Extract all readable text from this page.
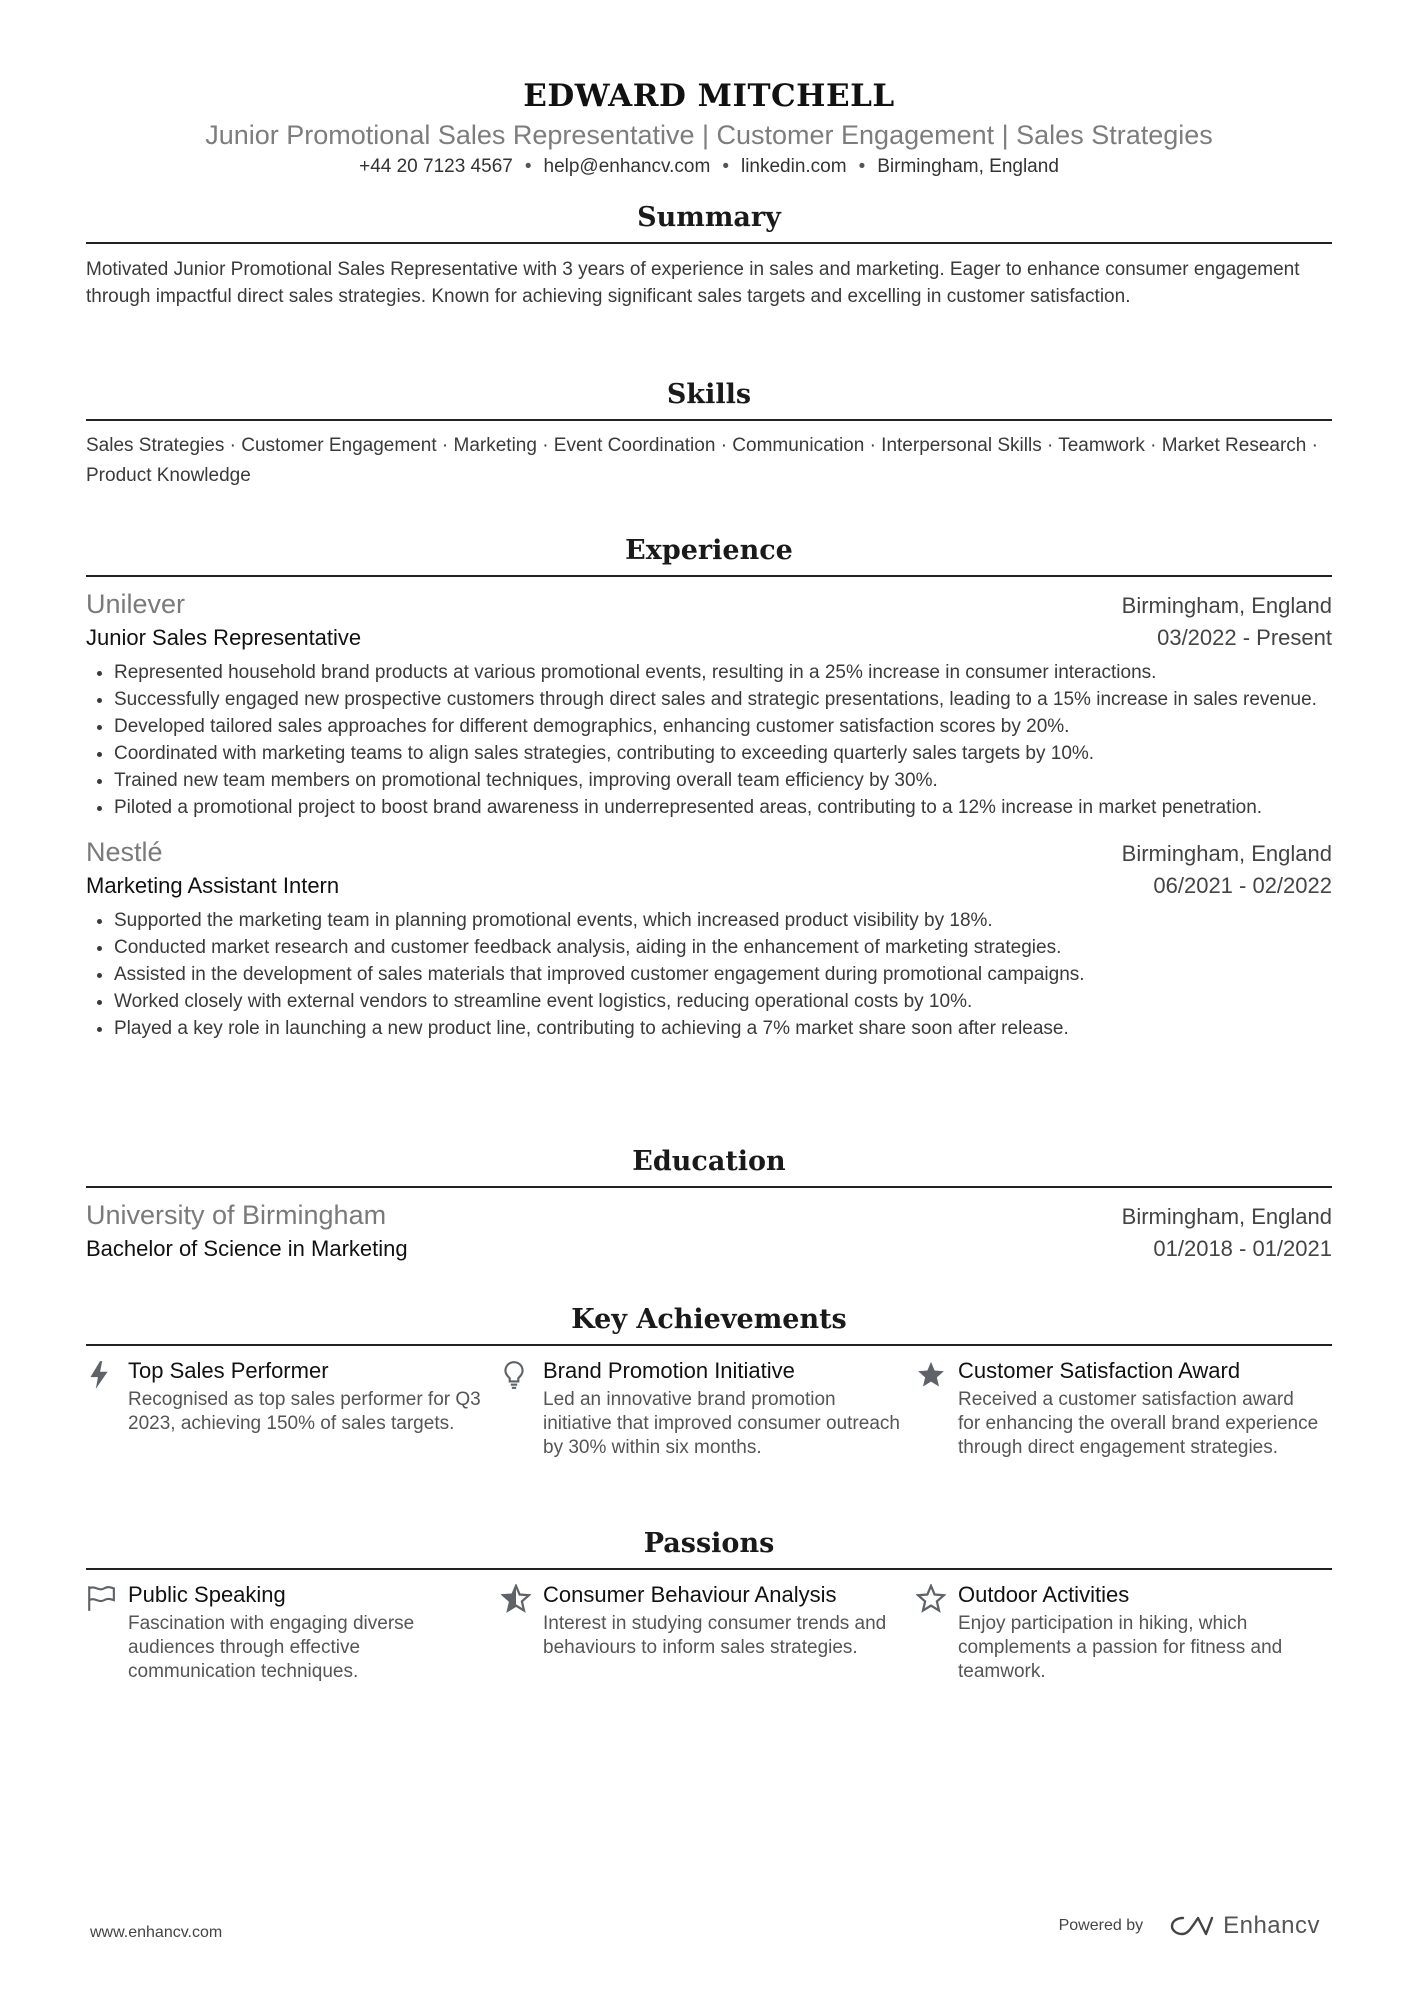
EDWARD MITCHELL
Junior Promotional Sales Representative | Customer Engagement | Sales Strategies
+44 20 7123 4567 • help@enhancv.com • linkedin.com • Birmingham, England
Summary
Motivated Junior Promotional Sales Representative with 3 years of experience in sales and marketing. Eager to enhance consumer engagement through impactful direct sales strategies. Known for achieving significant sales targets and excelling in customer satisfaction.
Skills
Sales Strategies · Customer Engagement · Marketing · Event Coordination · Communication · Interpersonal Skills · Teamwork · Market Research · Product Knowledge
Experience
Unilever	Birmingham, England
Junior Sales Representative	03/2022 - Present
• Represented household brand products at various promotional events, resulting in a 25% increase in consumer interactions.
• Successfully engaged new prospective customers through direct sales and strategic presentations, leading to a 15% increase in sales revenue.
• Developed tailored sales approaches for different demographics, enhancing customer satisfaction scores by 20%.
• Coordinated with marketing teams to align sales strategies, contributing to exceeding quarterly sales targets by 10%.
• Trained new team members on promotional techniques, improving overall team efficiency by 30%.
• Piloted a promotional project to boost brand awareness in underrepresented areas, contributing to a 12% increase in market penetration.
Nestlé	Birmingham, England
Marketing Assistant Intern	06/2021 - 02/2022
• Supported the marketing team in planning promotional events, which increased product visibility by 18%.
• Conducted market research and customer feedback analysis, aiding in the enhancement of marketing strategies.
• Assisted in the development of sales materials that improved customer engagement during promotional campaigns.
• Worked closely with external vendors to streamline event logistics, reducing operational costs by 10%.
• Played a key role in launching a new product line, contributing to achieving a 7% market share soon after release.
Education
University of Birmingham	Birmingham, England
Bachelor of Science in Marketing	01/2018 - 01/2021
Key Achievements
Top Sales Performer
Recognised as top sales performer for Q3 2023, achieving 150% of sales targets.
Brand Promotion Initiative
Led an innovative brand promotion initiative that improved consumer outreach by 30% within six months.
Customer Satisfaction Award
Received a customer satisfaction award for enhancing the overall brand experience through direct engagement strategies.
Passions
Public Speaking
Fascination with engaging diverse audiences through effective communication techniques.
Consumer Behaviour Analysis
Interest in studying consumer trends and behaviours to inform sales strategies.
Outdoor Activities
Enjoy participation in hiking, which complements a passion for fitness and teamwork.
www.enhancv.com	Powered by	Enhancv
